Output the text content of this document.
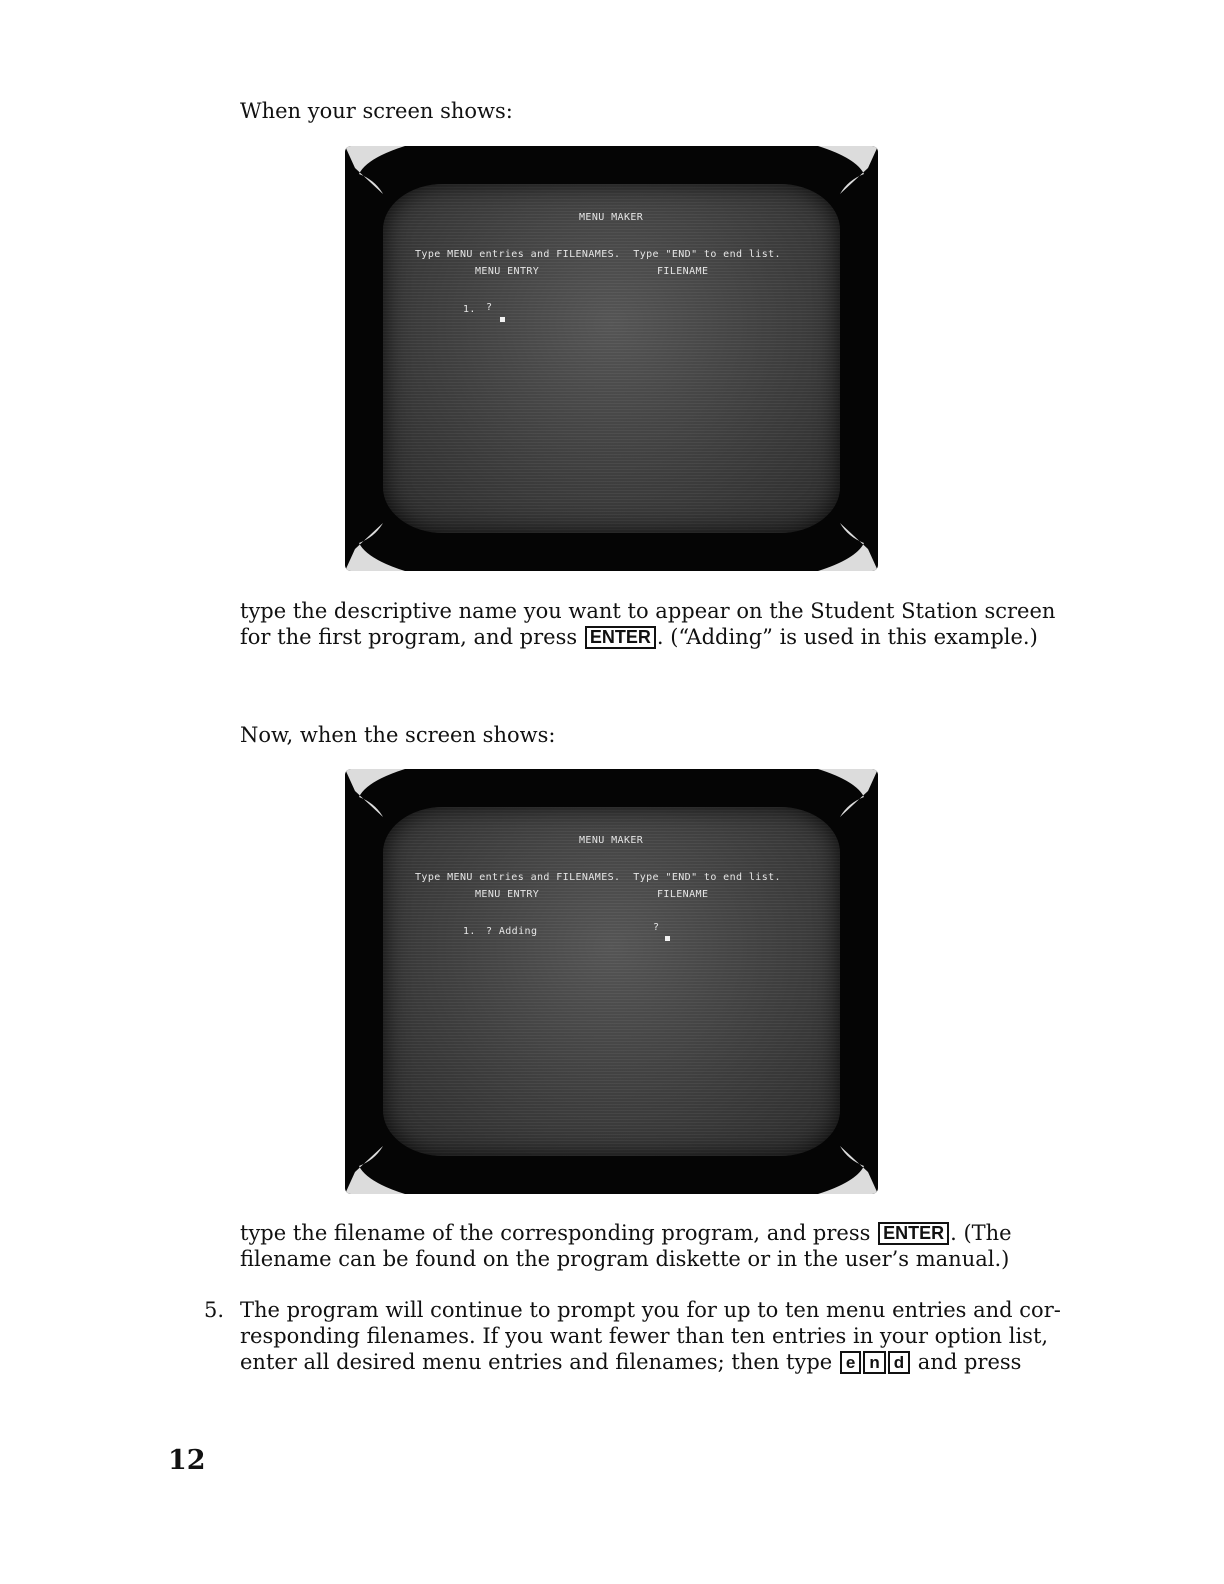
When your screen shows:

MENU MAKER
Type MENU entries and FILENAMES.  Type "END" to end list.
MENU ENTRY	FILENAME
1. ?

type the descriptive name you want to appear on the Student Station screen
for the first program, and press ENTER . (“Adding” is used in this example.)

Now, when the screen shows:

MENU MAKER
Type MENU entries and FILENAMES.  Type "END" to end list.
MENU ENTRY	FILENAME
1. ? Adding	?

type the filename of the corresponding program, and press ENTER . (The
filename can be found on the program diskette or in the user’s manual.)

5. The program will continue to prompt you for up to ten menu entries and cor-
responding filenames. If you want fewer than ten entries in your option list,
enter all desired menu entries and filenames; then type e n d and press

12
